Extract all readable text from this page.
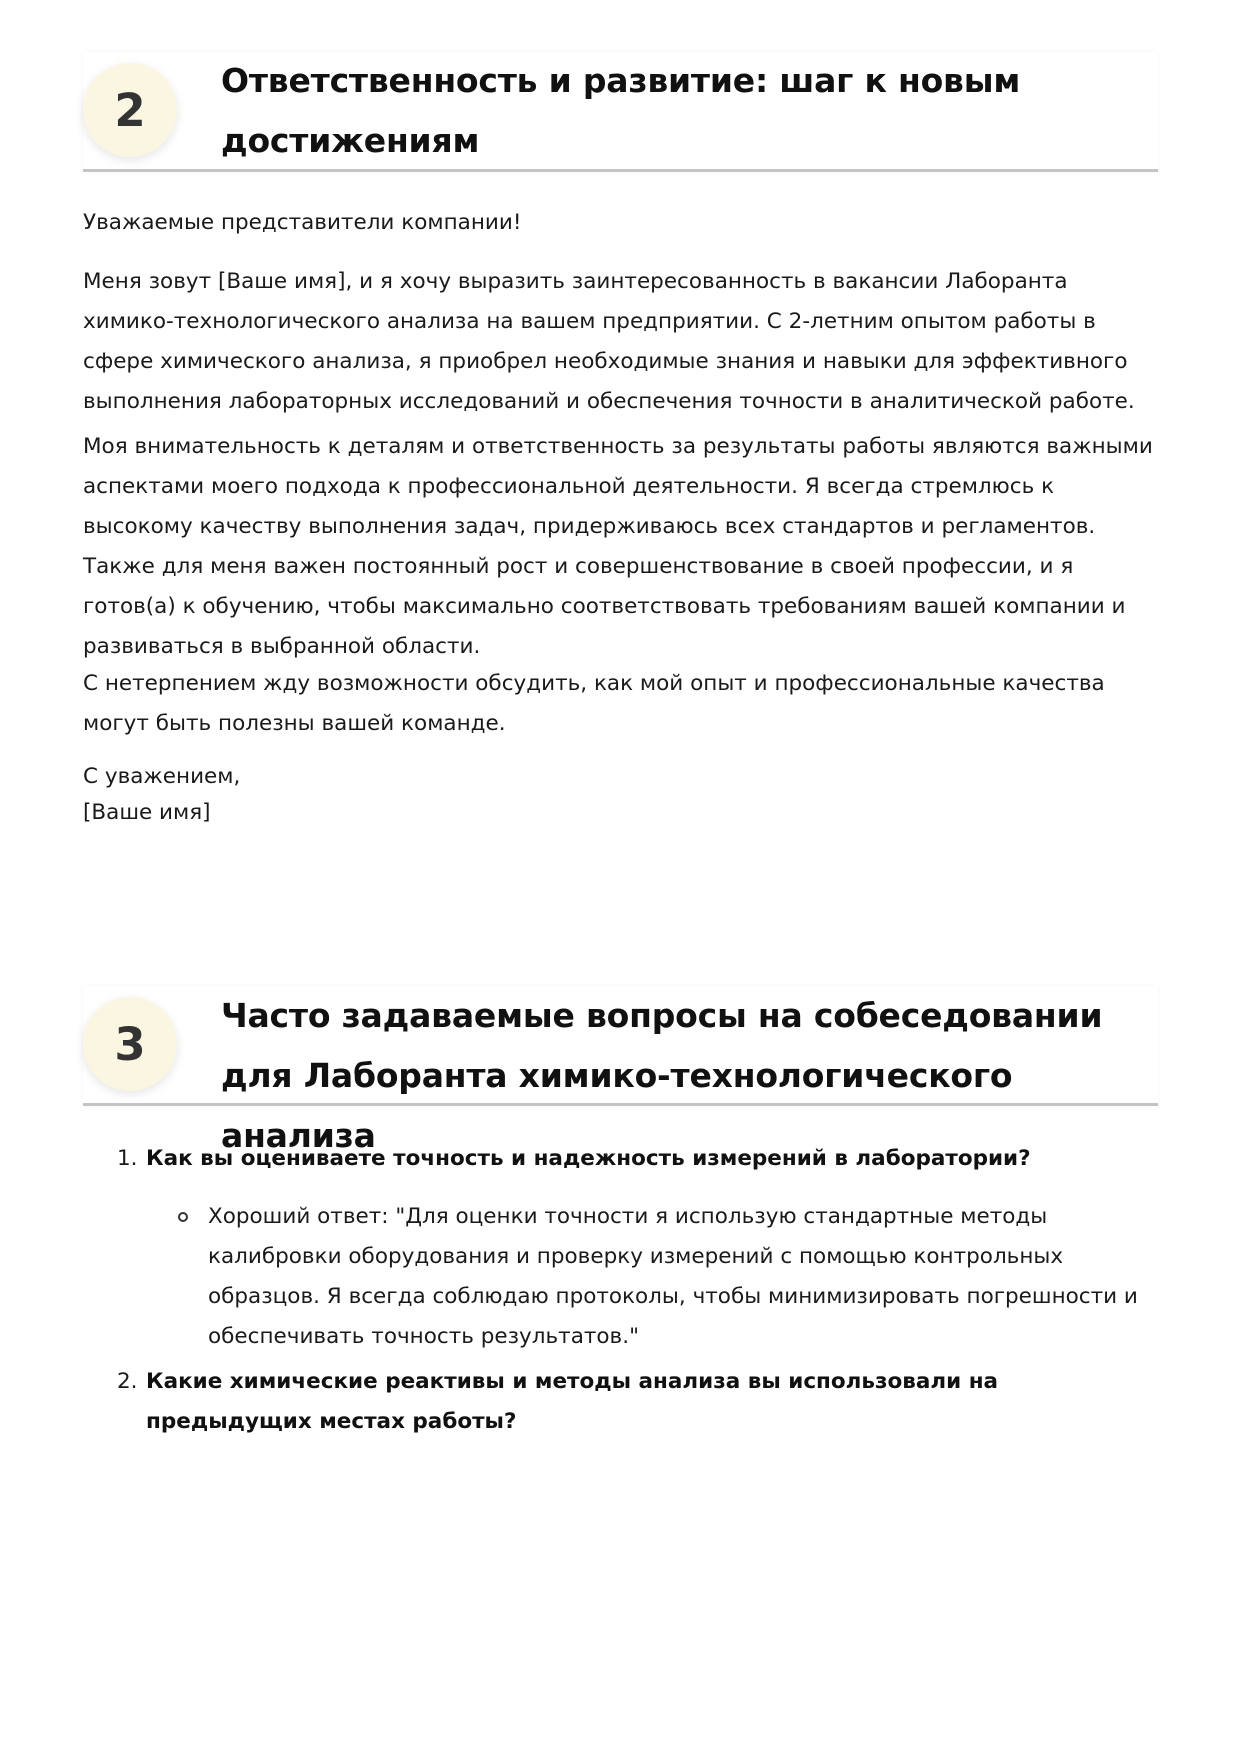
2
Ответственность и развитие: шаг к новым достижениям

Уважаемые представители компании!

Меня зовут [Ваше имя], и я хочу выразить заинтересованность в вакансии Лаборанта химико-технологического анализа на вашем предприятии. С 2-летним опытом работы в сфере химического анализа, я приобрел необходимые знания и навыки для эффективного выполнения лабораторных исследований и обеспечения точности в аналитической работе.

Моя внимательность к деталям и ответственность за результаты работы являются важными аспектами моего подхода к профессиональной деятельности. Я всегда стремлюсь к высокому качеству выполнения задач, придерживаюсь всех стандартов и регламентов. Также для меня важен постоянный рост и совершенствование в своей профессии, и я готов(а) к обучению, чтобы максимально соответствовать требованиям вашей компании и развиваться в выбранной области.

С нетерпением жду возможности обсудить, как мой опыт и профессиональные качества могут быть полезны вашей команде.

С уважением,

[Ваше имя]

3
Часто задаваемые вопросы на собеседовании для Лаборанта химико-технологического анализа
1. Как вы оцениваете точность и надежность измерений в лаборатории?

Хороший ответ: "Для оценки точности я использую стандартные методы калибровки оборудования и проверку измерений с помощью контрольных образцов. Я всегда соблюдаю протоколы, чтобы минимизировать погрешности и обеспечивать точность результатов."

2. Какие химические реактивы и методы анализа вы использовали на предыдущих местах работы?
